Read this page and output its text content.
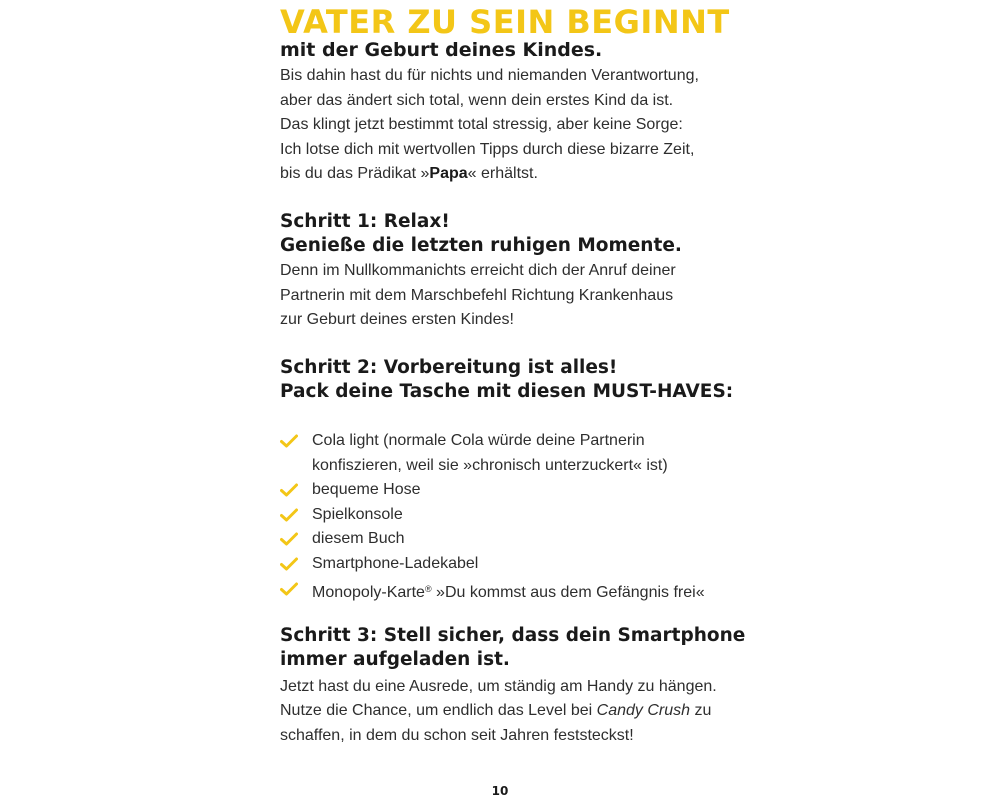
VATER ZU SEIN BEGINNT
mit der Geburt deines Kindes.

Bis dahin hast du für nichts und niemanden Verantwortung,

aber das ändert sich total, wenn dein erstes Kind da ist.

Das klingt jetzt bestimmt total stressig, aber keine Sorge:

Ich lotse dich mit wertvollen Tipps durch diese bizarre Zeit,

bis du das Prädikat »Papa« erhältst.

Schritt 1: Relax!
Genieße die letzten ruhigen Momente.

Denn im Nullkommanichts erreicht dich der Anruf deiner

Partnerin mit dem Marschbefehl Richtung Krankenhaus

zur Geburt deines ersten Kindes!

Schritt 2: Vorbereitung ist alles!
Pack deine Tasche mit diesen MUST-HAVES:
Cola light (normale Cola würde deine Partnerin
konfiszieren, weil sie »chronisch unterzuckert« ist)
bequeme Hose
Spielkonsole
diesem Buch
Smartphone-Ladekabel
Monopoly-Karte® »Du kommst aus dem Gefängnis frei«
Schritt 3: Stell sicher, dass dein Smartphone
immer aufgeladen ist.

Jetzt hast du eine Ausrede, um ständig am Handy zu hängen.

Nutze die Chance, um endlich das Level bei Candy Crush zu

schaffen, in dem du schon seit Jahren feststeckst!

10
